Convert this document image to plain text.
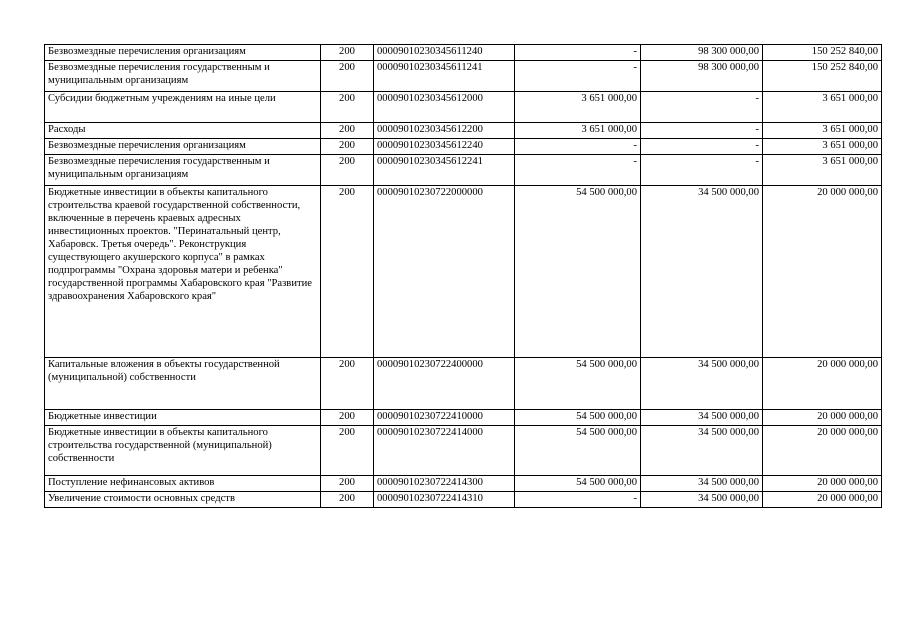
Безвозмездные перечисления организациям	200	00009010230345611240	-	98 300 000,00	150 252 840,00
Безвозмездные перечисления государственным и муниципальным организациям	200	00009010230345611241	-	98 300 000,00	150 252 840,00
Субсидии бюджетным учреждениям на иные цели	200	00009010230345612000	3 651 000,00	-	3 651 000,00
Расходы	200	00009010230345612200	3 651 000,00	-	3 651 000,00
Безвозмездные перечисления организациям	200	00009010230345612240	-	-	3 651 000,00
Безвозмездные перечисления государственным и муниципальным организациям	200	00009010230345612241	-	-	3 651 000,00
Бюджетные инвестиции в объекты капитального строительства краевой государственной собственности, включенные в перечень краевых адресных инвестиционных проектов. "Перинатальный центр, Хабаровск. Третья очередь". Реконструкция существующего акушерского корпуса" в рамках подпрограммы "Охрана здоровья матери и ребенка" государственной программы Хабаровского края "Развитие здравоохранения Хабаровского края"	200	00009010230722000000	54 500 000,00	34 500 000,00	20 000 000,00
Капитальные вложения в объекты государственной (муниципальной) собственности	200	00009010230722400000	54 500 000,00	34 500 000,00	20 000 000,00
Бюджетные инвестиции	200	00009010230722410000	54 500 000,00	34 500 000,00	20 000 000,00
Бюджетные инвестиции в объекты капитального строительства государственной (муниципальной) собственности	200	00009010230722414000	54 500 000,00	34 500 000,00	20 000 000,00
Поступление нефинансовых активов	200	00009010230722414300	54 500 000,00	34 500 000,00	20 000 000,00
Увеличение стоимости основных средств	200	00009010230722414310	-	34 500 000,00	20 000 000,00
